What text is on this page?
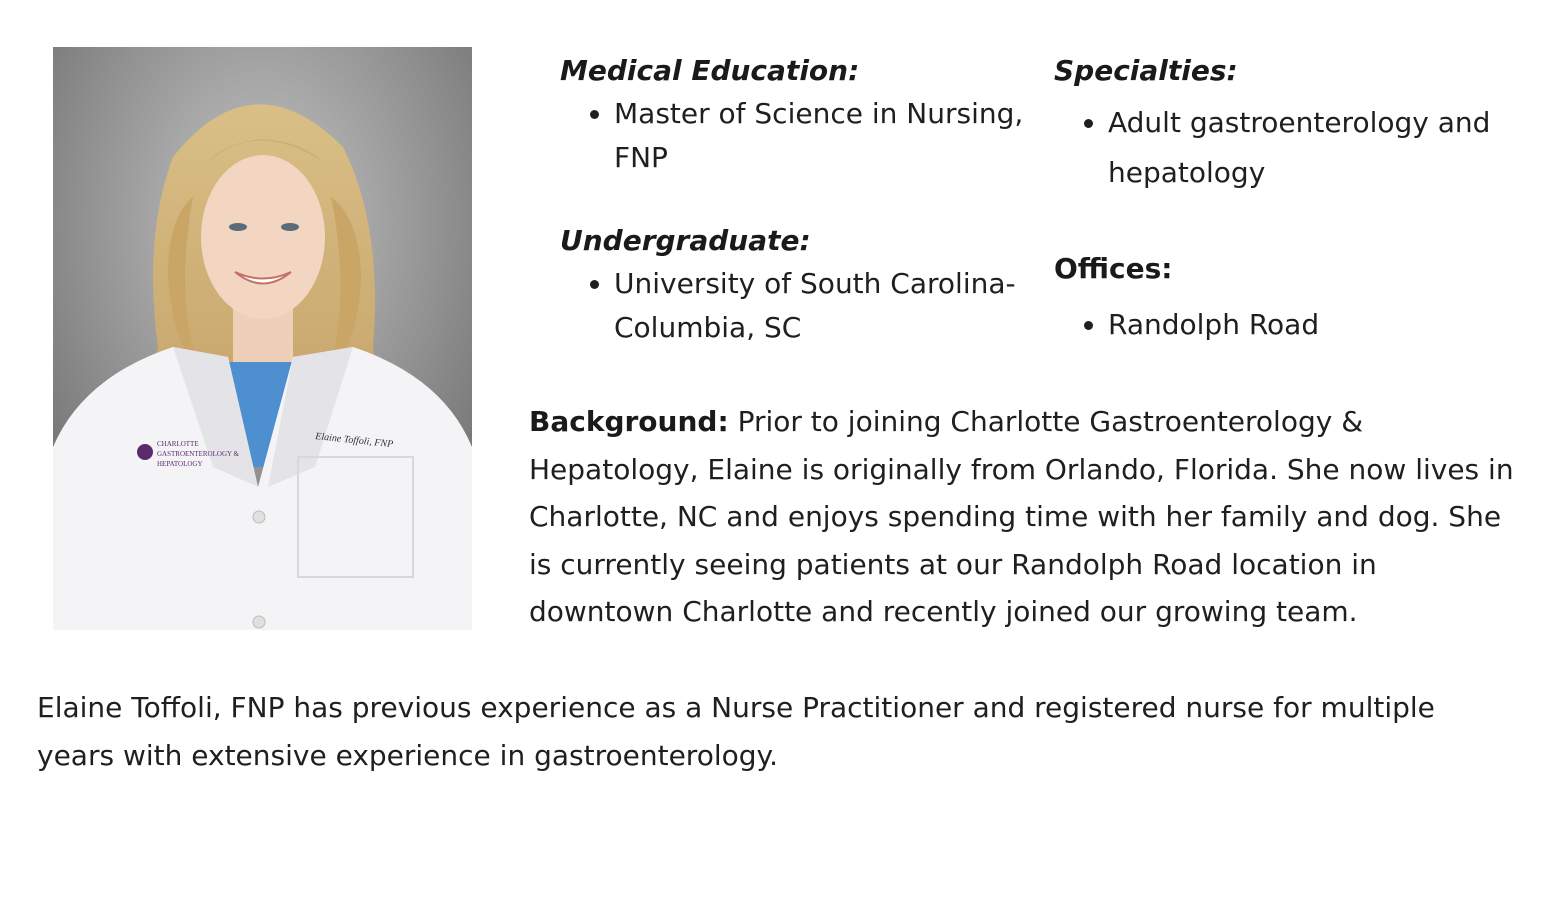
CHARLOTTE
GASTROENTEROLOGY &
HEPATOLOGY
Elaine Toffoli, FNP
Medical Education:
• Master of Science in Nursing, FNP
Undergraduate:
• University of South Carolina-Columbia, SC
Specialties:
• Adult gastroenterology and hepatology
Offices:
• Randolph Road

Background: Prior to joining Charlotte Gastroenterology & Hepatology, Elaine is originally from Orlando, Florida. She now lives in Charlotte, NC and enjoys spending time with her family and dog. She is currently seeing patients at our Randolph Road location in downtown Charlotte and recently joined our growing team.

Elaine Toffoli, FNP has previous experience as a Nurse Practitioner and registered nurse for multiple years with extensive experience in gastroenterology.
